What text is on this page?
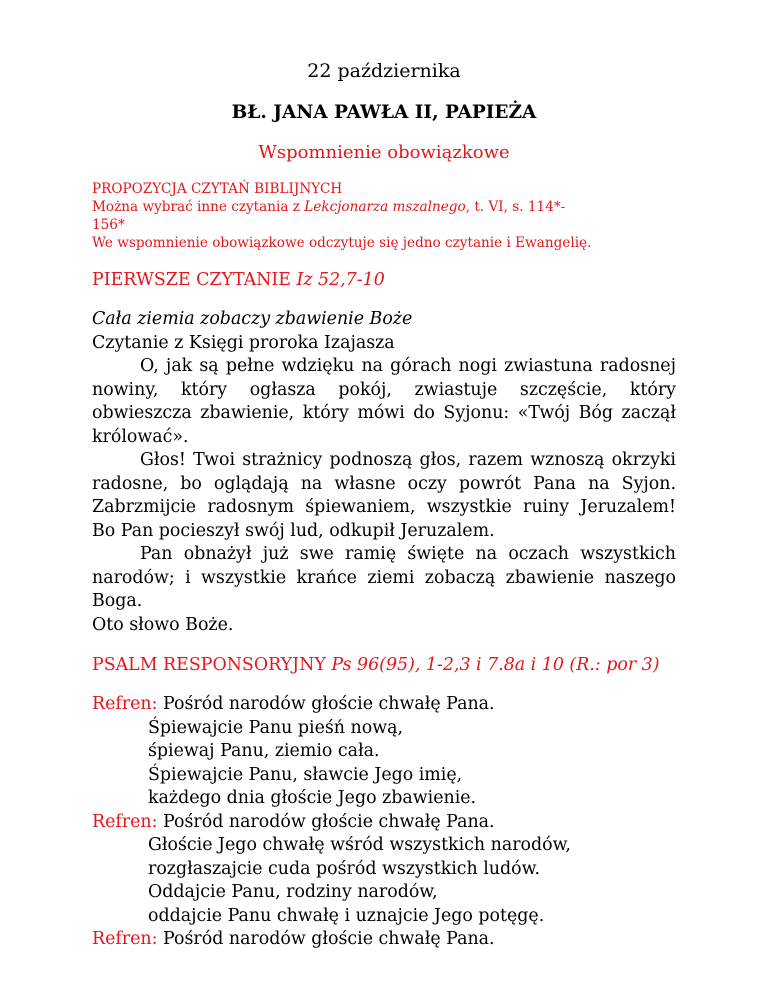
22 października

BŁ. JANA PAWŁA II, PAPIEŻA

Wspomnienie obowiązkowe

PROPOZYCJA CZYTAŃ BIBLIJNYCH
Można wybrać inne czytania z Lekcjonarza mszalnego, t. VI, s. 114*-
156*
We wspomnienie obowiązkowe odczytuje się jedno czytanie i Ewangelię.
PIERWSZE CZYTANIE Iz 52,7-10

Cała ziemia zobaczy zbawienie Boże

Czytanie z Księgi proroka Izajasza

O, jak są pełne wdzięku na górach nogi zwiastuna radosnej nowiny, który ogłasza pokój, zwiastuje szczęście, który obwieszcza zbawienie, który mówi do Syjonu: «Twój Bóg zaczął królować».

Głos! Twoi strażnicy podnoszą głos, razem wznoszą okrzyki radosne, bo oglądają na własne oczy powrót Pana na Syjon. Zabrzmijcie radosnym śpiewaniem, wszystkie ruiny Jeruzalem! Bo Pan pocieszył swój lud, odkupił Jeruzalem.

Pan obnażył już swe ramię święte na oczach wszystkich narodów; i wszystkie krańce ziemi zobaczą zbawienie naszego Boga.

Oto słowo Boże.

PSALM RESPONSORYJNY Ps 96(95), 1-2,3 i 7.8a i 10 (R.: por 3)

Refren: Pośród narodów głoście chwałę Pana.

Śpiewajcie Panu pieśń nową,

śpiewaj Panu, ziemio cała.

Śpiewajcie Panu, sławcie Jego imię,

każdego dnia głoście Jego zbawienie.

Refren: Pośród narodów głoście chwałę Pana.

Głoście Jego chwałę wśród wszystkich narodów,

rozgłaszajcie cuda pośród wszystkich ludów.

Oddajcie Panu, rodziny narodów,

oddajcie Panu chwałę i uznajcie Jego potęgę.

Refren: Pośród narodów głoście chwałę Pana.
